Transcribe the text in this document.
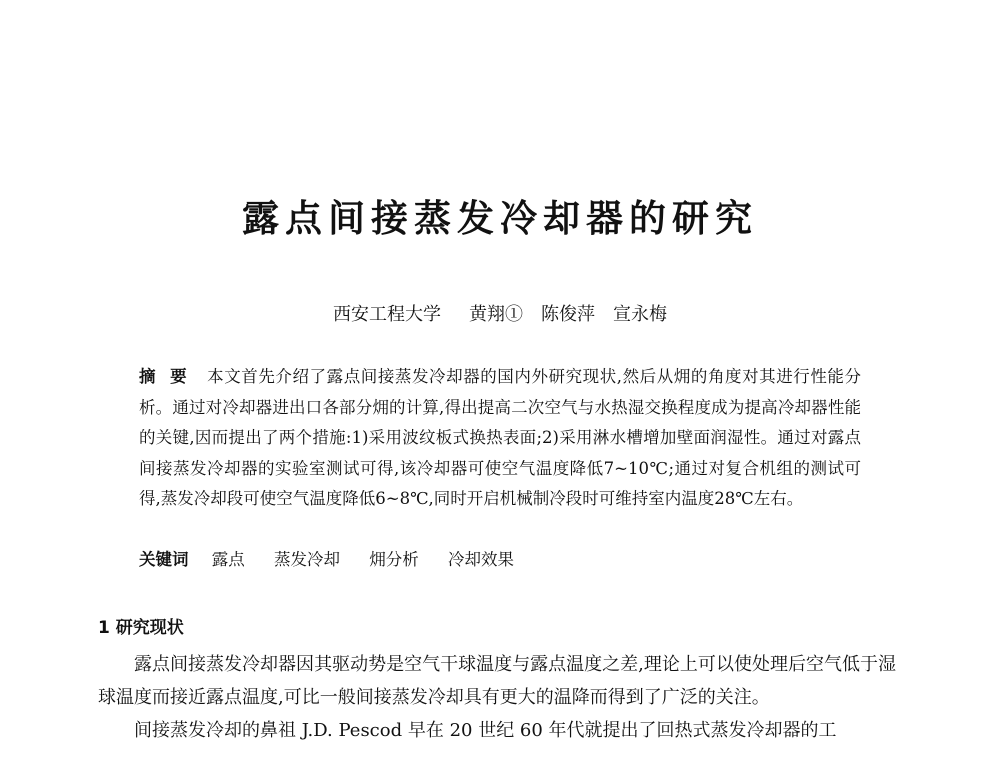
露点间接蒸发冷却器的研究
西安工程大学 黄翔① 陈俊萍 宣永梅
摘要 本文首先介绍了露点间接蒸发冷却器的国内外研究现状,然后从㶲的角度对其进行性能分析。通过对冷却器进出口各部分㶲的计算,得出提高二次空气与水热湿交换程度成为提高冷却器性能的关键,因而提出了两个措施:1)采用波纹板式换热表面;2)采用淋水槽增加壁面润湿性。通过对露点间接蒸发冷却器的实验室测试可得,该冷却器可使空气温度降低7~10℃;通过对复合机组的测试可得,蒸发冷却段可使空气温度降低6~8℃,同时开启机械制冷段时可维持室内温度28℃左右。
关键词 露点 蒸发冷却 㶲分析 冷却效果
1 研究现状

露点间接蒸发冷却器因其驱动势是空气干球温度与露点温度之差,理论上可以使处理后空气低于湿球温度而接近露点温度,可比一般间接蒸发冷却具有更大的温降而得到了广泛的关注。

间接蒸发冷却的鼻祖 J.D. Pescod 早在 20 世纪 60 年代就提出了回热式蒸发冷却器的工
